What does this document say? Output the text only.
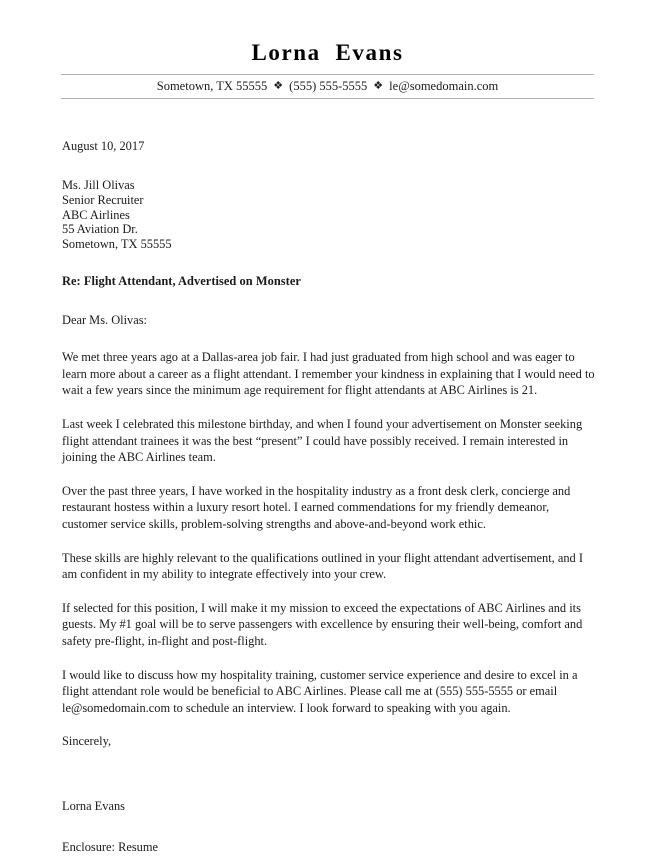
Lorna  Evans
Sometown, TX 55555 ❖ (555) 555-5555 ❖ le@somedomain.com
August 10, 2017
Ms. Jill Olivas
Senior Recruiter
ABC Airlines
55 Aviation Dr.
Sometown, TX 55555
Re: Flight Attendant, Advertised on Monster
Dear Ms. Olivas:

We met three years ago at a Dallas-area job fair. I had just graduated from high school and was eager to learn more about a career as a flight attendant. I remember your kindness in explaining that I would need to wait a few years since the minimum age requirement for flight attendants at ABC Airlines is 21.

Last week I celebrated this milestone birthday, and when I found your advertisement on Monster seeking flight attendant trainees it was the best “present” I could have possibly received. I remain interested in joining the ABC Airlines team.

Over the past three years, I have worked in the hospitality industry as a front desk clerk, concierge and restaurant hostess within a luxury resort hotel. I earned commendations for my friendly demeanor, customer service skills, problem-solving strengths and above-and-beyond work ethic.

These skills are highly relevant to the qualifications outlined in your flight attendant advertisement, and I am confident in my ability to integrate effectively into your crew.

If selected for this position, I will make it my mission to exceed the expectations of ABC Airlines and its guests. My #1 goal will be to serve passengers with excellence by ensuring their well-being, comfort and safety pre-flight, in-flight and post-flight.

I would like to discuss how my hospitality training, customer service experience and desire to excel in a flight attendant role would be beneficial to ABC Airlines. Please call me at (555) 555-5555 or email le@somedomain.com to schedule an interview. I look forward to speaking with you again.

Sincerely,
Lorna Evans
Enclosure: Resume
